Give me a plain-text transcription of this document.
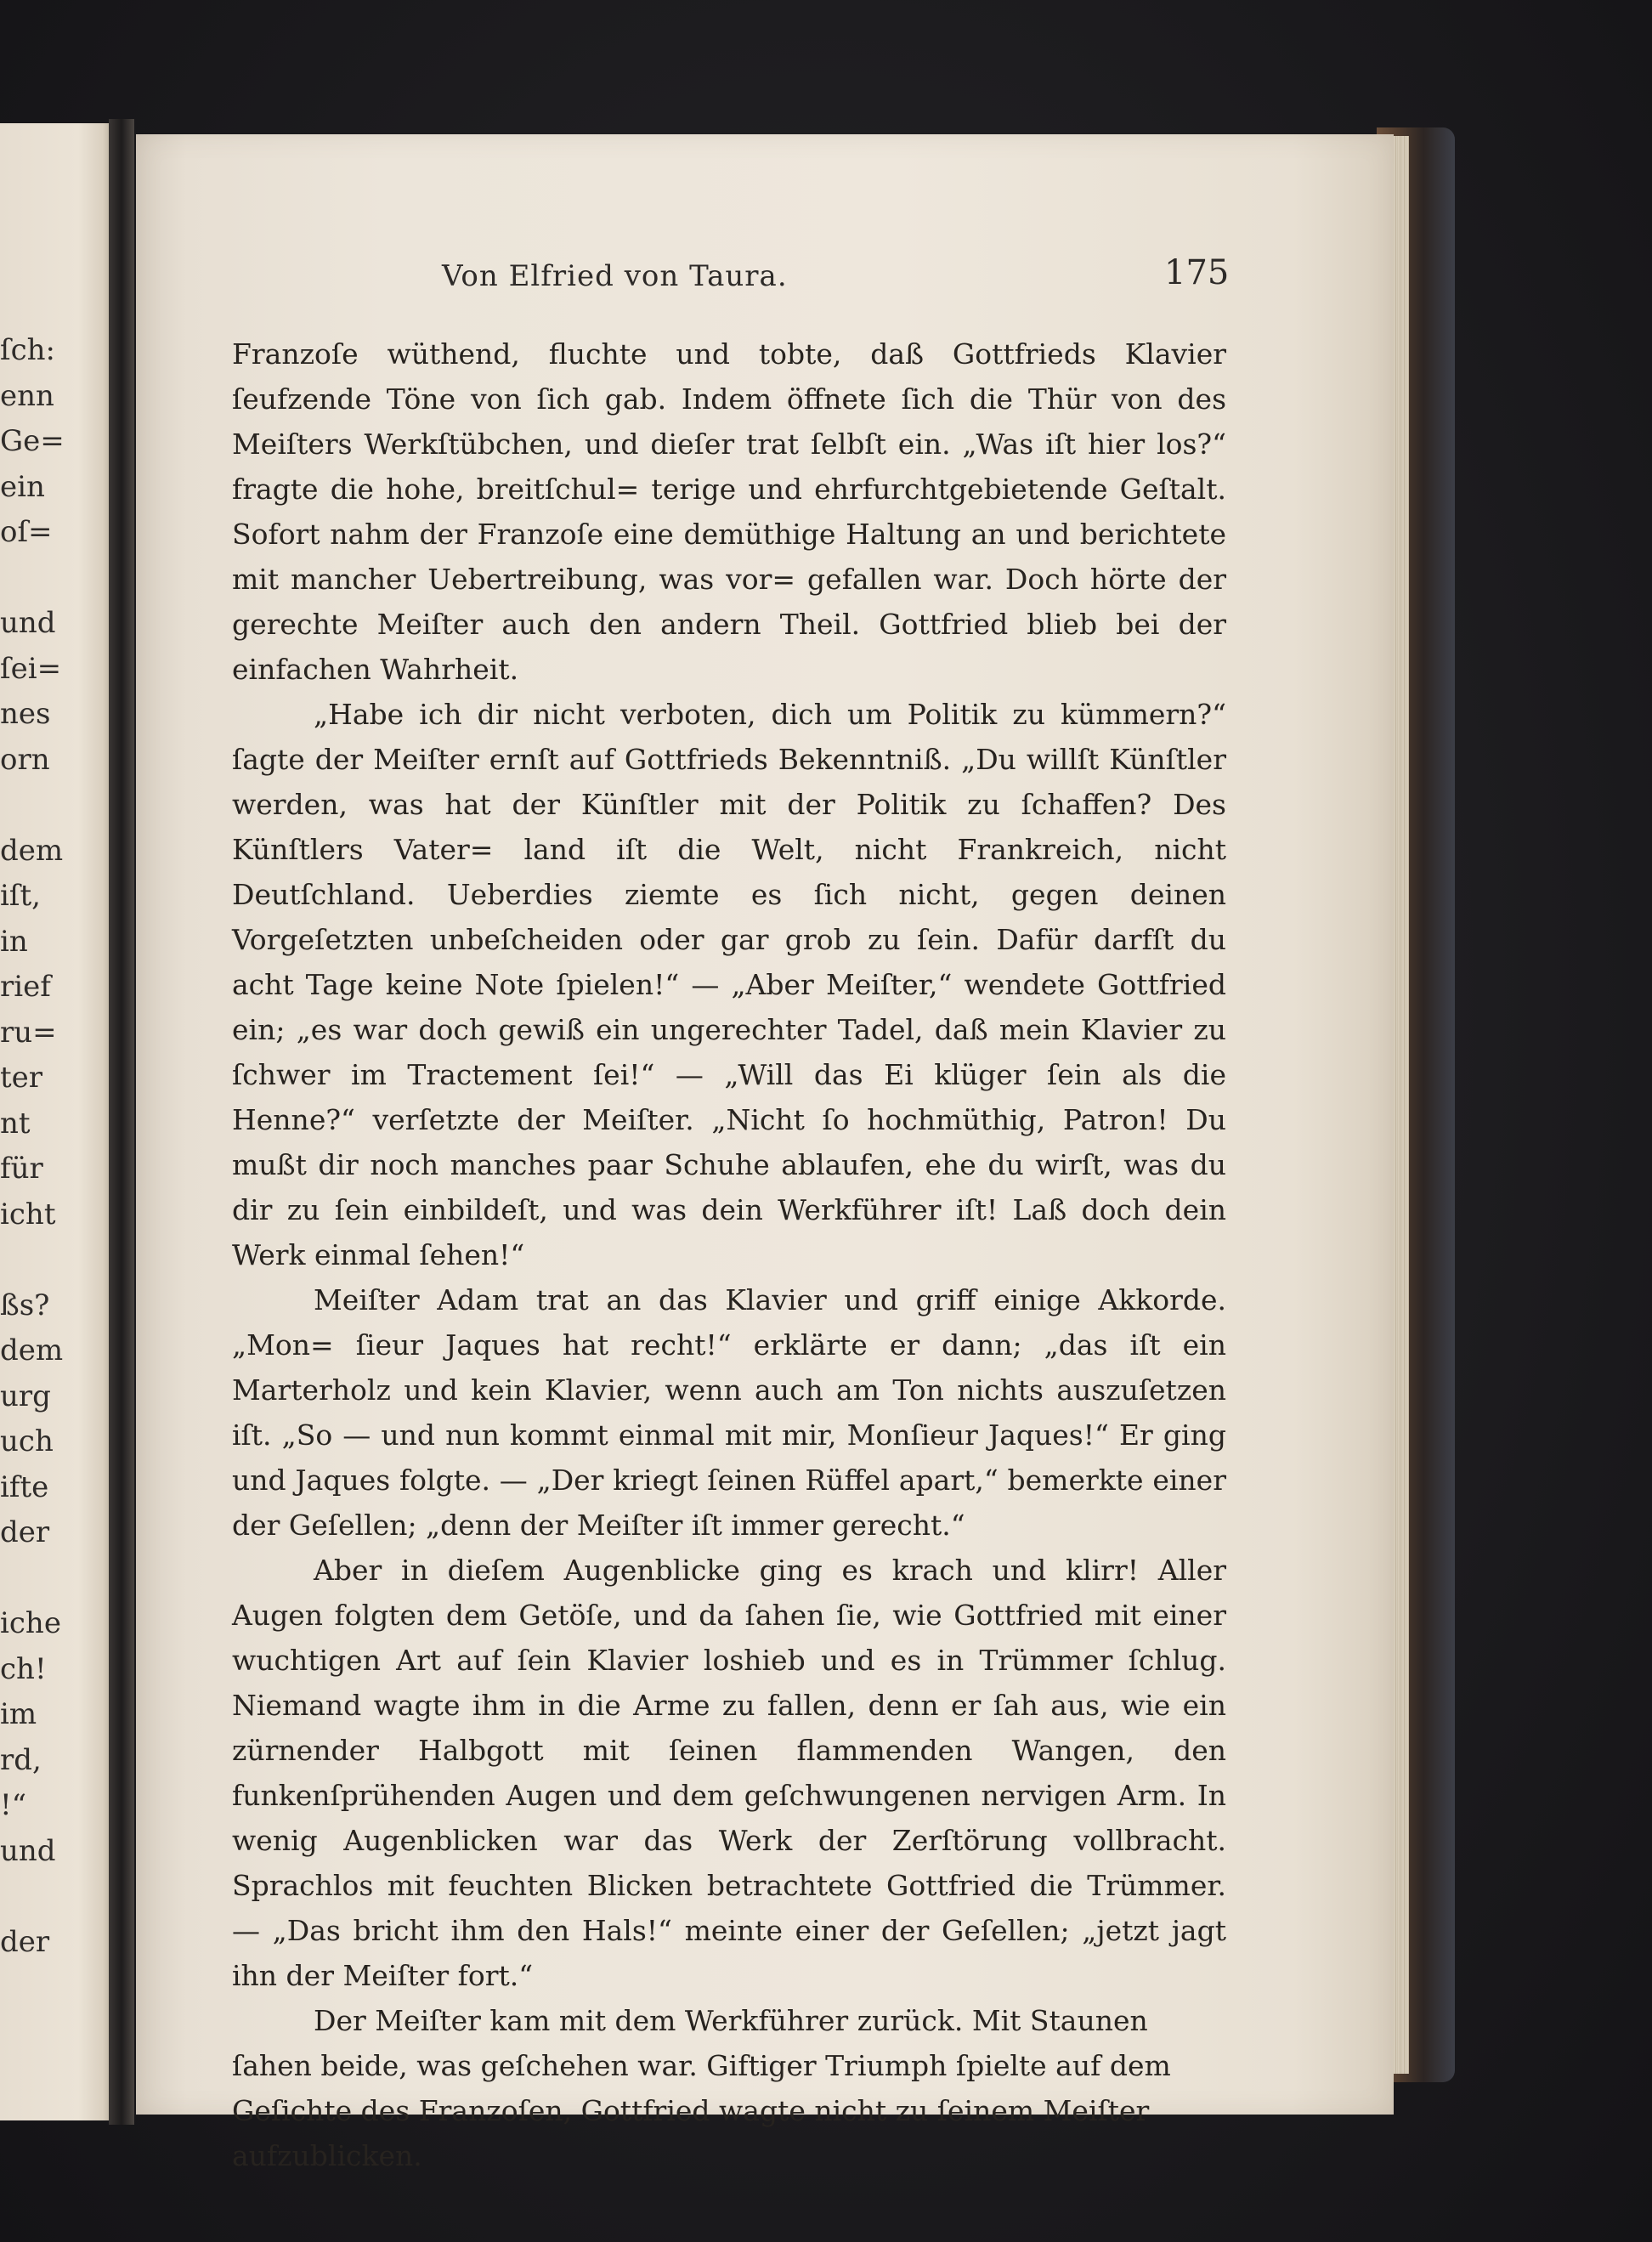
ſch:
enn
Ge=
ein
oſ=
und
ſei=
nes
orn
dem
iſt,
in
rief
ru=
ter
nt
für
icht
ßs?
dem
urg
uch
ifte
der
iche
ch!
im
rd,
!“
und
der
Von Elfried von Taura.	175

Franzoſe wüthend, fluchte und tobte, daß Gottfrieds Klavier ſeufzende Töne von ſich gab. Indem öffnete ſich die Thür von des Meiſters Werkſtübchen, und dieſer trat ſelbſt ein. „Was iſt hier los?“ fragte die hohe, breitſchul= terige und ehrfurchtgebietende Geſtalt. Sofort nahm der Franzoſe eine demüthige Haltung an und berichtete mit mancher Uebertreibung, was vor= gefallen war. Doch hörte der gerechte Meiſter auch den andern Theil. Gottfried blieb bei der einfachen Wahrheit.

„Habe ich dir nicht verboten, dich um Politik zu kümmern?“ ſagte der Meiſter ernſt auf Gottfrieds Bekenntniß. „Du willſt Künſtler werden, was hat der Künſtler mit der Politik zu ſchaffen? Des Künſtlers Vater= land iſt die Welt, nicht Frankreich, nicht Deutſchland. Ueberdies ziemte es ſich nicht, gegen deinen Vorgeſetzten unbeſcheiden oder gar grob zu ſein. Dafür darfſt du acht Tage keine Note ſpielen!“ — „Aber Meiſter,“ wendete Gottfried ein; „es war doch gewiß ein ungerechter Tadel, daß mein Klavier zu ſchwer im Tractement ſei!“ — „Will das Ei klüger ſein als die Henne?“ verſetzte der Meiſter. „Nicht ſo hochmüthig, Patron! Du mußt dir noch manches paar Schuhe ablaufen, ehe du wirſt, was du dir zu ſein einbildeſt, und was dein Werkführer iſt! Laß doch dein Werk einmal ſehen!“

Meiſter Adam trat an das Klavier und griff einige Akkorde. „Mon= ſieur Jaques hat recht!“ erklärte er dann; „das iſt ein Marterholz und kein Klavier, wenn auch am Ton nichts auszuſetzen iſt. „So — und nun kommt einmal mit mir, Monſieur Jaques!“ Er ging und Jaques folgte. — „Der kriegt ſeinen Rüffel apart,“ bemerkte einer der Geſellen; „denn der Meiſter iſt immer gerecht.“

Aber in dieſem Augenblicke ging es krach und klirr! Aller Augen folgten dem Getöſe, und da ſahen ſie, wie Gottfried mit einer wuchtigen Art auf ſein Klavier loshieb und es in Trümmer ſchlug. Niemand wagte ihm in die Arme zu fallen, denn er ſah aus, wie ein zürnender Halbgott mit ſeinen flammenden Wangen, den funkenſprühenden Augen und dem geſchwungenen nervigen Arm. In wenig Augenblicken war das Werk der Zerſtörung vollbracht. Sprachlos mit feuchten Blicken betrachtete Gottfried die Trümmer. — „Das bricht ihm den Hals!“ meinte einer der Geſellen; „jetzt jagt ihn der Meiſter fort.“

Der Meiſter kam mit dem Werkführer zurück. Mit Staunen ſahen beide, was geſchehen war. Giftiger Triumph ſpielte auf dem Geſichte des Franzoſen, Gottfried wagte nicht zu ſeinem Meiſter aufzublicken.
